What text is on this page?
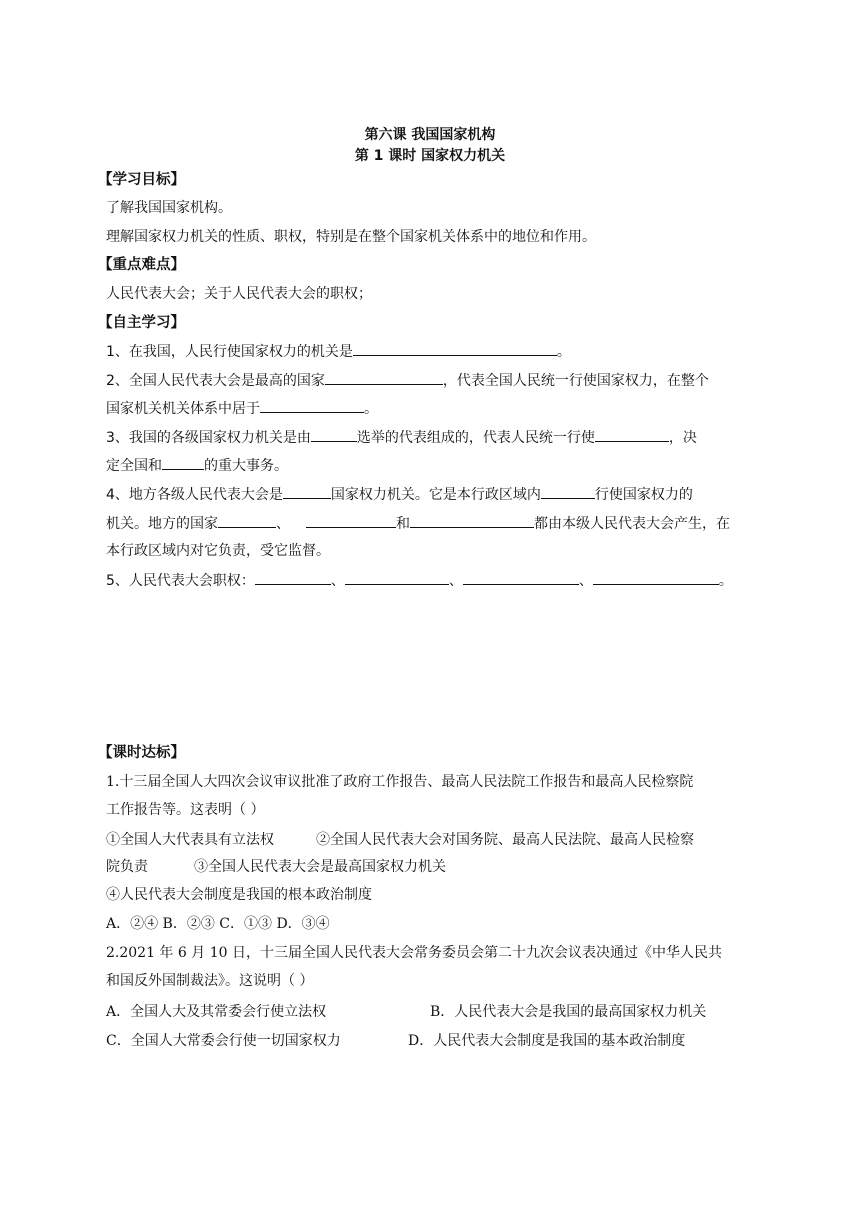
第六课 我国国家机构
第 1 课时 国家权力机关
【学习目标】
了解我国国家机构。
理解国家权力机关的性质、职权，特别是在整个国家机关体系中的地位和作用。
【重点难点】
人民代表大会；关于人民代表大会的职权；
【自主学习】
1、在我国，人民行使国家权力的机关是	。
2、全国人民代表大会是最高的国家	，代表全国人民统一行使国家权力，在整个
国家机关机关体系中居于	。
3、我国的各级国家权力机关是由	选举的代表组成的，代表人民统一行使	，决
定全国和	的重大事务。
4、地方各级人民代表大会是	国家权力机关。它是本行政区域内	行使国家权力的
机关。地方的国家	、	和	都由本级人民代表大会产生，在
本行政区域内对它负责，受它监督。
5、人民代表大会职权：	、	、	、	。
【课时达标】
1.十三届全国人大四次会议审议批准了政府工作报告、最高人民法院工作报告和最高人民检察院
工作报告等。这表明（ ）
①全国人大代表具有立法权	②全国人民代表大会对国务院、最高人民法院、最高人民检察
院负责	③全国人民代表大会是最高国家权力机关
④人民代表大会制度是我国的根本政治制度
A．②④ B．②③ C．①③ D．③④
2.2021 年 6 月 10 日，十三届全国人民代表大会常务委员会第二十九次会议表决通过《中华人民共
和国反外国制裁法》。这说明（ ）
A．全国人大及其常委会行使立法权	B．人民代表大会是我国的最高国家权力机关
C．全国人大常委会行使一切国家权力	D．人民代表大会制度是我国的基本政治制度
